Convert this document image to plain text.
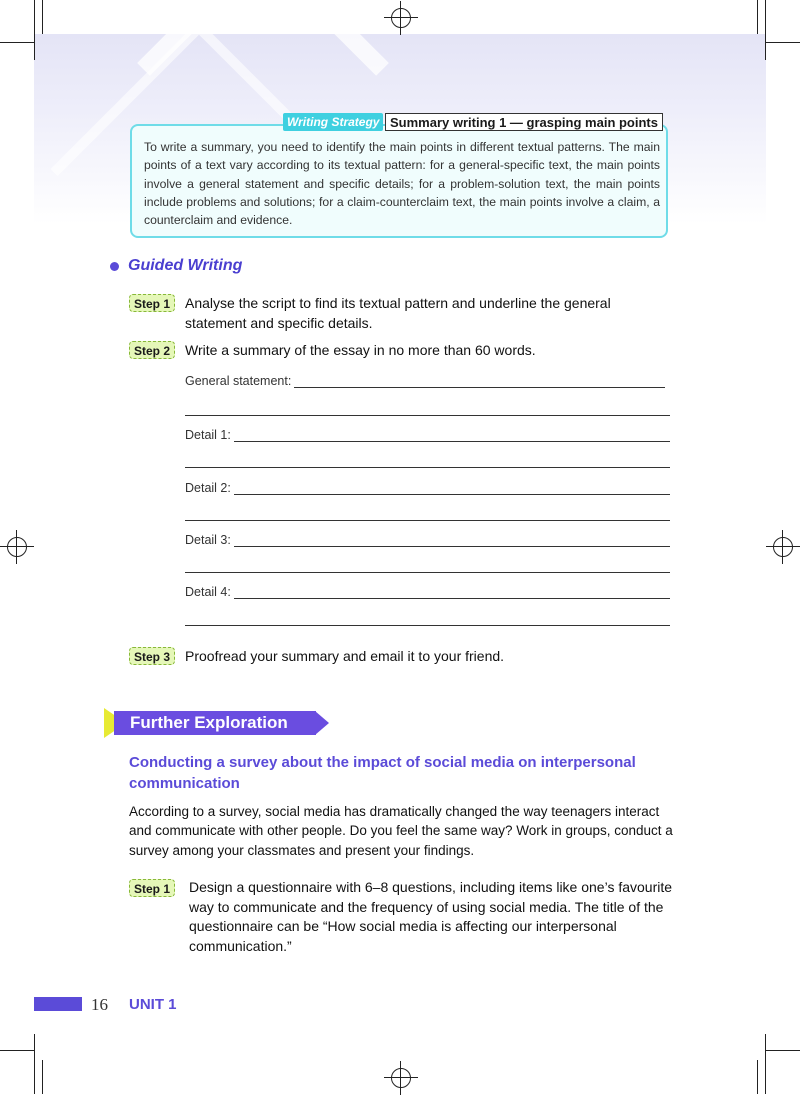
Writing Strategy Summary writing 1 — grasping main points
To write a summary, you need to identify the main points in different textual patterns. The main points of a text vary according to its textual pattern: for a general-specific text, the main points involve a general statement and specific details; for a problem-solution text, the main points include problems and solutions; for a claim-counterclaim text, the main points involve a claim, a counterclaim and evidence.
Guided Writing
Step 1	Analyse the script to find its textual pattern and underline the general statement and specific details.
Step 2	Write a summary of the essay in no more than 60 words.
General statement:
Detail 1:
Detail 2:
Detail 3:
Detail 4:
Step 3	Proofread your summary and email it to your friend.
Further Exploration
Conducting a survey about the impact of social media on interpersonal communication
According to a survey, social media has dramatically changed the way teenagers interact and communicate with other people. Do you feel the same way? Work in groups, conduct a survey among your classmates and present your findings.
Step 1	Design a questionnaire with 6–8 questions, including items like one’s favourite way to communicate and the frequency of using social media. The title of the questionnaire can be “How social media is affecting our interpersonal communication.”
16 UNIT 1
